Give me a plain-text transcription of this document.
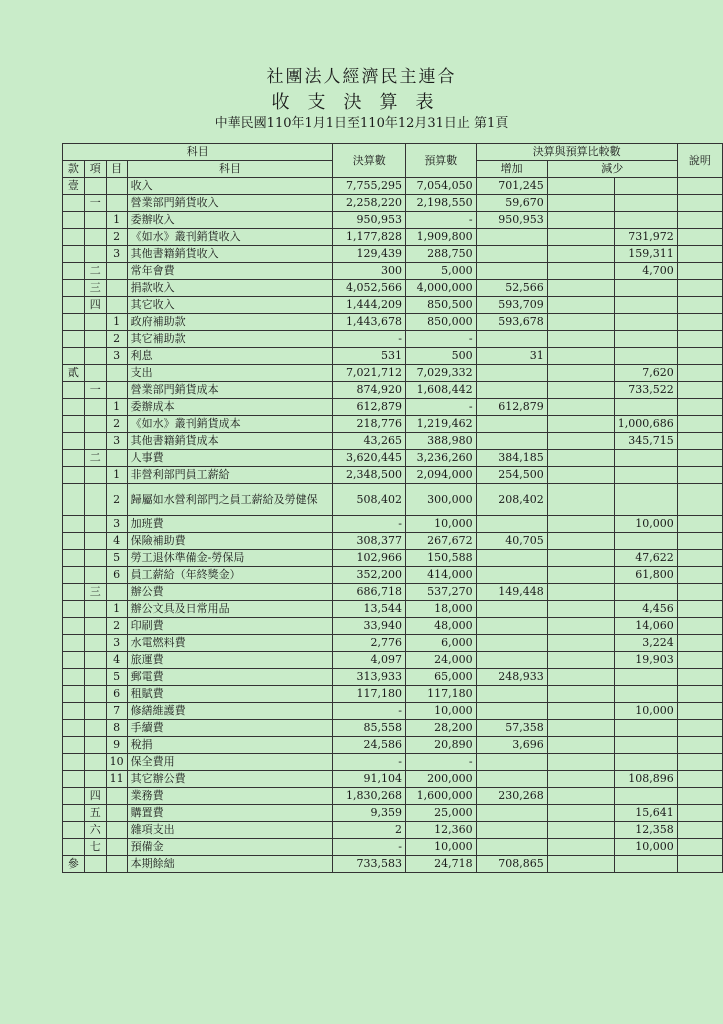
社團法人經濟民主連合
收支決算表
中華民國110年1月1日至110年12月31日止 第1頁
科目				決算數	預算數	決算與預算比較數			說明
款	項	目	科目			增加	減少		
壹			收入	7,755,295	7,054,050	701,245			
	一		營業部門銷貨收入	2,258,220	2,198,550	59,670			
		1	委辦收入	950,953	-	950,953			
		2	《如水》叢刊銷貨收入	1,177,828	1,909,800			731,972	
		3	其他書籍銷貨收入	129,439	288,750			159,311	
	二		常年會費	300	5,000			4,700	
	三		捐款收入	4,052,566	4,000,000	52,566			
	四		其它收入	1,444,209	850,500	593,709			
		1	政府補助款	1,443,678	850,000	593,678			
		2	其它補助款	-	-				
		3	利息	531	500	31			
貳			支出	7,021,712	7,029,332			7,620	
	一		營業部門銷貨成本	874,920	1,608,442			733,522	
		1	委辦成本	612,879	-	612,879			
		2	《如水》叢刊銷貨成本	218,776	1,219,462			1,000,686	
		3	其他書籍銷貨成本	43,265	388,980			345,715	
	二		人事費	3,620,445	3,236,260	384,185			
		1	非營利部門員工薪給	2,348,500	2,094,000	254,500			
		2	歸屬如水營利部門之員工薪給及勞健保	508,402	300,000	208,402			
		3	加班費	-	10,000			10,000	
		4	保險補助費	308,377	267,672	40,705			
		5	勞工退休準備金-勞保局	102,966	150,588			47,622	
		6	員工薪給（年終獎金）	352,200	414,000			61,800	
	三		辦公費	686,718	537,270	149,448			
		1	辦公文具及日常用品	13,544	18,000			4,456	
		2	印刷費	33,940	48,000			14,060	
		3	水電燃料費	2,776	6,000			3,224	
		4	旅運費	4,097	24,000			19,903	
		5	郵電費	313,933	65,000	248,933			
		6	租賦費	117,180	117,180				
		7	修繕維護費	-	10,000			10,000	
		8	手續費	85,558	28,200	57,358			
		9	稅捐	24,586	20,890	3,696			
		10	保全費用	-	-				
		11	其它辦公費	91,104	200,000			108,896	
	四		業務費	1,830,268	1,600,000	230,268			
	五		購置費	9,359	25,000			15,641	
	六		雜項支出	2	12,360			12,358	
	七		預備金	-	10,000			10,000	
參			本期餘絀	733,583	24,718	708,865			
